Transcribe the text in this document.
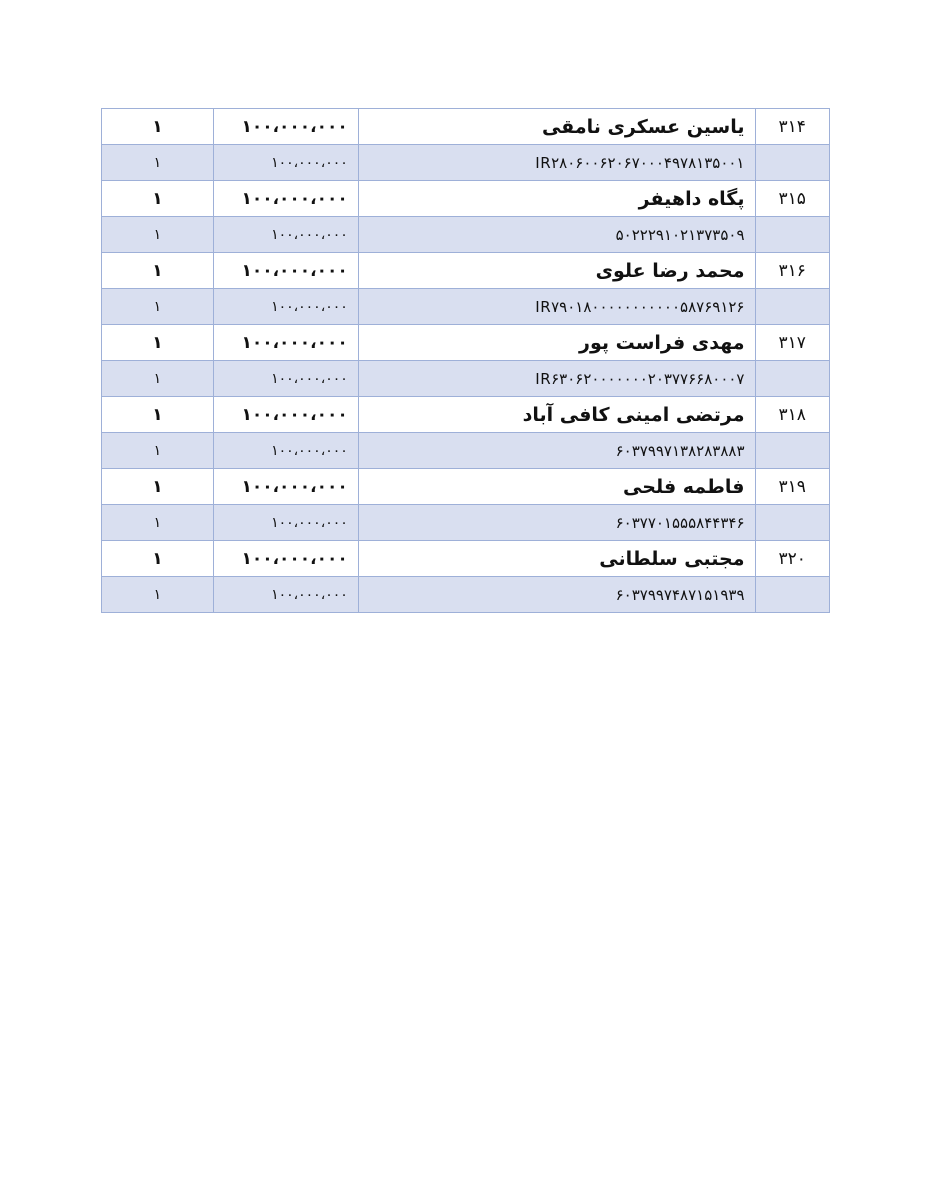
۳۱۴	یاسین عسکری نامقی	۱۰۰،۰۰۰،۰۰۰	۱
	IR۲۸۰۶۰۰۶۲۰۶۷۰۰۰۴۹۷۸۱۳۵۰۰۱	۱۰۰،۰۰۰،۰۰۰	۱
۳۱۵	پگاه داهیفر	۱۰۰،۰۰۰،۰۰۰	۱
	۵۰۲۲۲۹۱۰۲۱۳۷۳۵۰۹	۱۰۰،۰۰۰،۰۰۰	۱
۳۱۶	محمد رضا علوی	۱۰۰،۰۰۰،۰۰۰	۱
	IR۷۹۰۱۸۰۰۰۰۰۰۰۰۰۰۰۵۸۷۶۹۱۲۶	۱۰۰،۰۰۰،۰۰۰	۱
۳۱۷	مهدی فراست پور	۱۰۰،۰۰۰،۰۰۰	۱
	IR۶۳۰۶۲۰۰۰۰۰۰۰۲۰۳۷۷۶۶۸۰۰۰۷	۱۰۰،۰۰۰،۰۰۰	۱
۳۱۸	مرتضی امینی کافی آباد	۱۰۰،۰۰۰،۰۰۰	۱
	۶۰۳۷۹۹۷۱۳۸۲۸۳۸۸۳	۱۰۰،۰۰۰،۰۰۰	۱
۳۱۹	فاطمه فلحی	۱۰۰،۰۰۰،۰۰۰	۱
	۶۰۳۷۷۰۱۵۵۵۸۴۴۳۴۶	۱۰۰،۰۰۰،۰۰۰	۱
۳۲۰	مجتبی سلطانی	۱۰۰،۰۰۰،۰۰۰	۱
	۶۰۳۷۹۹۷۴۸۷۱۵۱۹۳۹	۱۰۰،۰۰۰،۰۰۰	۱
